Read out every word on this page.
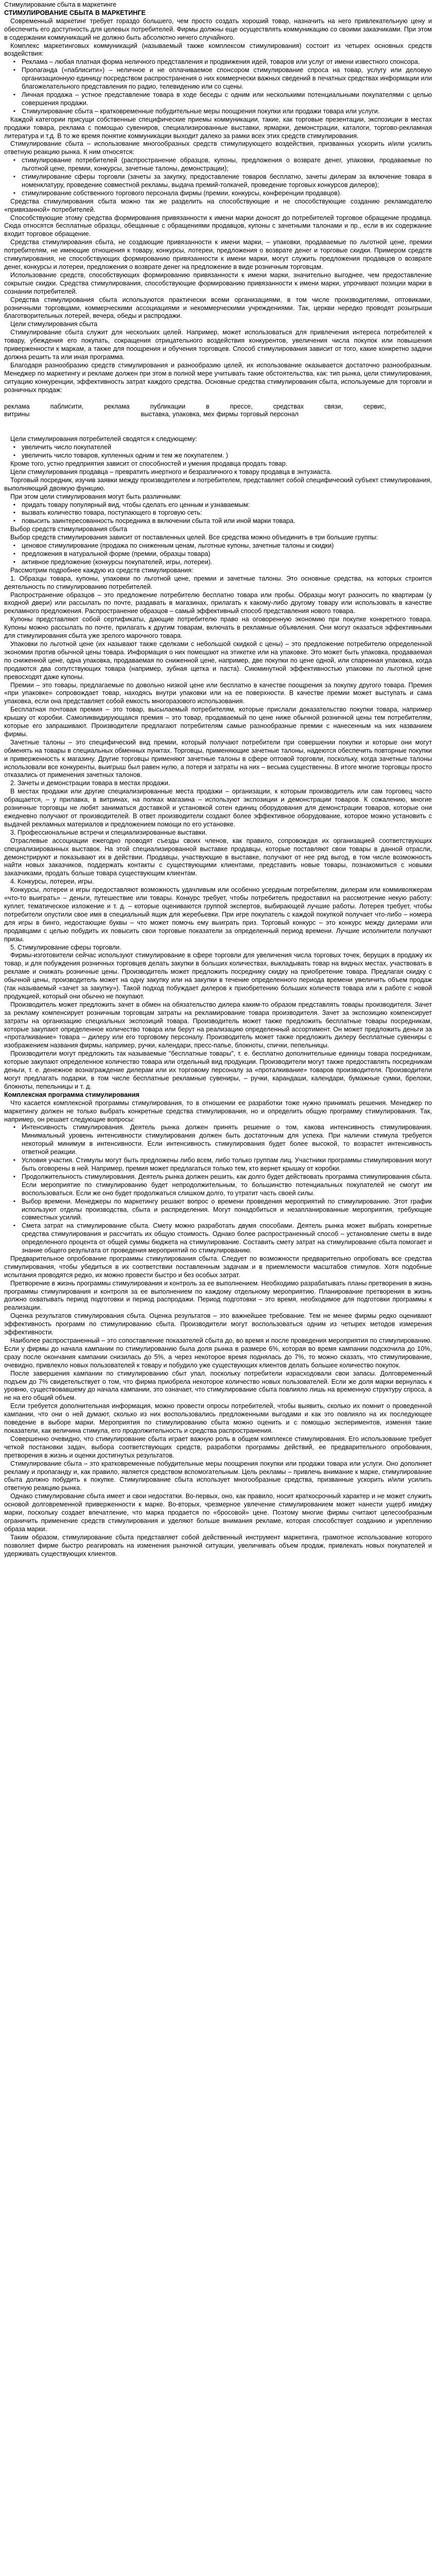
Стимулирование сбыта в маркетинге
СТИМУЛИРОВАНИЕ СБЫТА В МАРКЕТИНГЕ

Современный маркетинг требует гораздо большего, чем просто создать хороший товар, назначить на него привлекательную цену и обеспечить его доступность для целевых потребителей. Фирмы должны еще осуществлять коммуникацию со своими заказчиками. При этом в содержании коммуникаций не должно быть абсолютно ничего случайного.

Комплекс маркетинговых коммуникаций (называемый также комплексом стимулирования) состоит из четырех основных средств воздействия:

▪ Реклама – любая платная форма неличного представления и продвижения идей, товаров или услуг от имени известного спонсора.
▪ Пропаганда («паблисити») – неличное и не оплачиваемое спонсором стимулирование спроса на товар, услугу или деловую организационную единицу посредством распространения о них коммерчески важных сведений в печатных средствах информации или благожелательного представления по радио, телевидению или со сцены.
▪ Личная продажа – устное представление товара в ходе беседы с одним или несколькими потенциальными покупателями с целью совершения продажи.
▪ Стимулирование сбыта – кратковременные побудительные меры поощрения покупки или продажи товара или услуги.

Каждой категории присущи собственные специфические приемы коммуникации, такие, как торговые презентации, экспозиции в местах продажи товара, реклама с помощью сувениров, специализированные выставки, ярмарки, демонстрации, каталоги, торгово-рекламная литература и т.д. В то же время понятие коммуникации выходит далеко за рамки всех этих средств стимулирования.

Стимулирование сбыта – использование многообразных средств стимулирующего воздействия, призванных ускорить и/или усилить ответную реакцию рынка. К ним относятся:

▪ стимулирование потребителей (распространение образцов, купоны, предложения о возврате денег, упаковки, продаваемые по льготной цене, премии, конкурсы, зачетные талоны, демонстрации);
▪ стимулирование сферы торговли (зачеты за закупку, предоставление товаров бесплатно, зачеты дилерам за включение товара в номенклатуру, проведение совместной рекламы, выдача премий-толкачей, проведение торговых конкурсов дилеров);
▪ стимулирование собственного торгового персонала фирмы (премии, конкурсы, конференции продавцов).

Средства стимулирования сбыта можно так же разделить на способствующие и не способствующие созданию рекламодателю «привязанной» потребителей.

Способствующие этому средства формирования привязанности к имени марки доносят до потребителей торговое обращение продавца. Сюда относятся бесплатные образцы, обещанные с обращениями продавцов, купоны с зачетными талонами и пр., если в их содержание входит торговое обращение.

Средства стимулирования сбыта, не создающие привязанности к имени марки, – упаковки, продаваемые по льготной цене, премии потребителям, не имеющие отношения к товару, конкурсы, лотереи, предложения о возврате денег и торговые скидки. Примером средств стимулирования, не способствующих формированию привязанности к имени марки, могут служить предложения продавцов о возврате денег, конкурсы и лотереи, предложения о возврате денег на предложение в виде розничным торговцам.

Использование средств, способствующих формированию привязанности к имени марки, значительно выгоднее, чем предоставление сокрытые скидки. Средства стимулирования, способствующие формированию привязанности к имени марки, упрочивают позиции марки в сознании потребителей.

Средства стимулирования сбыта используются практически всеми организациями, в том числе производителями, оптовиками, розничными торговцами, коммерческими ассоциациями и некоммерческими учреждениями. Так, церкви нередко проводят розыгрыши благотворительных лотерей, вечера, обеды и распродажи.

Цели стимулирования сбыта

Стимулирование сбыта служит для нескольких целей. Например, может использоваться для привлечения интереса потребителей к товару, убеждения его покупать, сокращения отрицательного воздействия конкурентов, увеличения числа покупок или повышения приверженности к маркам, а также для поощрения и обучения торговцев. Способ стимулирования зависит от того, какие конкретно задачи должна решить та или иная программа.

Благодаря разнообразию средств стимулирования и разнообразию целей, их использование оказывается достаточно разнообразным. Менеджер по маркетингу и рекламе должен при этом в полной мере учитывать такие обстоятельства, как: тип рынка, цели стимулирования, ситуацию конкуренции, эффективность затрат каждого средства. Основные средства стимулирования сбыта, используемые для торговли и розничных продаж:

реклама          паблисити,          реклама          публикации          в          прессе,          средствах          связи,          сервис,

витрины                                                      выставка, упаковка, мех фирмы торговый персонал

Цели стимулирования потребителей сводятся к следующему:

▪ увеличить число покупателей
▪ увеличить число товаров, купленных одним и тем же покупателем. )

Кроме того, устно предприятия зависит от способностей и умения продавца продать товар.

Цели стимулирования продавца – превратить инертного и безразличного к товару продавца в энтузиаста.

Торговый посредник, изучив заявки между производителем и потребителем, представляет собой специфический субъект стимулирования, выполняющий двоякую функцию.

При этом цели стимулирования могут быть различными:

▪ придать товару популярный вид, чтобы сделать его ценным и узнаваемым:
▪ вызвать количество товара, поступающего в торговую сеть:
▪ повысить заинтересованность посредника в включении сбыта той или иной марки товара.

Выбор средств стимулирования сбыта

Выбор средств стимулирования зависит от поставленных целей. Все средства можно объединить в три большие группы:

▪ ценовое стимулирование (продажа по сниженным ценам, льготные купоны, зачетные талоны и скидки)
▪ предложения в натуральной форме (премии, образцы товара)
▪ активное предложение (конкурсы покупателей, игры, лотереи).

Рассмотрим подробнее каждую из средств стимулирования:

1. Образцы товара, купоны, упаковки по льготной цене, премии и зачетные талоны. Это основные средства, на которых строится деятельность по стимулированию потребителей.

Распространение образцов – это предложение потребителю бесплатно товара или пробы. Образцы могут разносить по квартирам (у входной двери) или рассылать по почте, раздавать в магазинах, прилагать к какому-либо другому товару или использовать в качестве рекламного предложения. Распространение образцов – самый эффективный способ представления нового товара.

Купоны представляют собой сертификаты, дающие потребителю право на оговоренную экономию при покупке конкретного товара. Купоны можно рассылать по почте, прилагать к другим товарам, включать в рекламные объявления. Они могут оказаться эффективными для стимулирования сбыта уже зрелого марочного товара.

Упаковки по льготной цене (их называют также сделками с небольшой скидкой с цены) – это предложение потребителю определенной экономии против обычной цены товара. Информация о них помещают на этикетке или на упаковке. Это может быть упаковка, продаваемая по сниженной цене, одна упаковка, продаваемая по сниженной цене, например, две покупки по цене одной, или спаренная упаковка, когда продаются два сопутствующих товара (например, зубная щетка и паста). Сиюминутной эффективностью упаковки по льготной цене превосходят даже купоны.

Премии – это товары, предлагаемые по довольно низкой цене или бесплатно в качестве поощрения за покупку другого товара. Премия «при упаковке» сопровождает товар, находясь внутри упаковки или на ее поверхности. В качестве премии может выступать и сама упаковка, если она представляет собой емкость многоразового использования.

Бесплатная почтовая премия – это товар, высылаемый потребителям, которые прислали доказательство покупки товара, например крышку от коробки. Самоликвидирующаяся премия – это товар, продаваемый по цене ниже обычной розничной цены тем потребителям, которые его запрашивают. Производители предлагают потребителям самые разнообразные премии с нанесенным на них названием фирмы.

Зачетные талоны – это специфический вид премии, который получают потребители при совершении покупки и которые они могут обменять на товары в специальных обменных пунктах. Торговцы, применяющие зачетные талоны, надеются обеспечить повторные покупки и приверженность к магазину. Другие торговцы применяют зачетные талоны в сфере оптовой торговли, поскольку, когда зачетные талоны использовали все конкуренты, выигрыш был равен нулю, а потеря и затраты на них – весьма существенны. В итоге многие торговцы просто отказались от применения зачетных талонов.

2. Зачеты и демонстрации товара в местах продажи.

В местах продажи или другие специализированные места продажи – организации, к которым производитель или сам торговец часто обращается, – у прилавка, в витринах, на полках магазина – используют экспозиции и демонстрации товаров. К сожалению, многие розничные торговцы не любят заниматься доставкой и установкой сотен единиц оборудования для демонстрации товаров, которые они ежедневно получают от производителей. В ответ производители создают более эффективное оборудование, которое можно установить с выдачей рекламных материалов и предложением помощи по его установке.

3. Профессиональные встречи и специализированные выставки.

Отраслевые ассоциации ежегодно проводят съезды своих членов, как правило, сопровождая их организацией соответствующих специализированных выставок. На этой специализированной выставке продавцы, которые поставляют свои товары в данной отрасли, демонстрируют и показывают их в действии. Продавцы, участвующие в выставке, получают от нее ряд выгод, в том числе возможность найти новых заказчиков, поддержать контакты с существующими клиентами, представить новые товары, познакомиться с новыми заказчиками, продать больше товара существующим клиентам.

4. Конкурсы, лотереи, игры.

Конкурсы, лотереи и игры предоставляют возможность удачливым или особенно усердным потребителям, дилерам или коммивояжерам «что-то выиграть» – деньги, путешествие или товары. Конкурс требует, чтобы потребитель предоставил на рассмотрение некую работу: куплет, тематическое изложение и т. д. – которые оцениваются группой экспертов, выбирающей лучшие работы. Лотерея требует, чтобы потребители опустили свое имя в специальный ящик для жеребьевки. При игре покупатель с каждой покупкой получает что-либо – номера для игры в бинго, недостающие буквы – что может помочь ему выиграть приз. Торговый конкурс – это конкурс между дилерами или продавцами с целью побудить их повысить свои торговые показатели за определенный период времени. Лучшие исполнители получают призы.

5. Стимулирование сферы торговли.

Фирмы-изготовители сейчас используют стимулирование в сфере торговли для увеличения числа торговых точек, берущих в продажу их товар, и для побуждения розничных торговцев делать закупки в больших количествах, выкладывать товар на видных местах, участвовать в рекламе и снижать розничные цены. Производитель может предложить посреднику скидку на приобретение товара. Предлагая скидку с обычной цены, производитель может на одну закупку или на закупки в течение определенного периода времени увеличить объем продаж (так называемый «зачет за закупку»). Такой подход побуждает дилеров к приобретению больших количеств товара или к работе с новой продукцией, который они обычно не покупают.

Производитель может предложить зачет в обмен на обязательство дилера каким-то образом представлять товары производителя. Зачет за рекламу компенсирует розничным торговцам затраты на рекламирование товара производителя. Зачет за экспозицию компенсирует затраты на организацию специальных экспозиций товара. Производитель может также предложить бесплатные товары посредникам, которые закупают определенное количество товара или берут на реализацию определенный ассортимент. Он может предложить деньги за «проталкивание» товара – дилеру или его торговому персоналу. Производитель может также предложить дилеру бесплатные сувениры с изображением названия фирмы, например, ручки, календари, пресс-папье, блокноты, спички, пепельницы.

Производители могут предложить так называемые "бесплатные товары", т. е. бесплатно дополнительные единицы товара посредникам, которые закупают определенное количество товара или отдельный вид продукции. Производители могут также предоставлять посредникам деньги, т. е. денежное вознаграждение дилерам или их торговому персоналу за «проталкивание» товаров производителя. Производители могут предлагать подарки, в том числе бесплатные рекламные сувениры, – ручки, карандаши, календари, бумажные сумки, брелоки, блокноты, пепельницы и т. д.

Комплексная программа стимулирования

Что касается комплексной программы стимулирования, то в отношении ее разработки тоже нужно принимать решения. Менеджер по маркетингу должен не только выбрать конкретные средства стимулирования, но и определить общую программу стимулирования. Так, например, он решает следующие вопросы:

▪ Интенсивность стимулирования. Деятель рынка должен принять решение о том, какова интенсивность стимулирования. Минимальный уровень интенсивности стимулирования должен быть достаточным для успеха. При наличии стимула требуется некоторый минимум в интенсивности. Если интенсивность стимулирования будет более высокой, то возрастет интенсивность ответной реакции.
▪ Условия участия. Стимулы могут быть предложены либо всем, либо только группам лиц. Участники программы стимулирования могут быть оговорены в ней. Например, премия может предлагаться только тем, кто вернет крышку от коробки.
▪ Продолжительность стимулирования. Деятель рынка должен решить, как долго будет действовать программа стимулирования сбыта. Если мероприятие по стимулированию будет непродолжительным, то большинство потенциальных покупателей не смогут им воспользоваться. Если же оно будет продолжаться слишком долго, то утратит часть своей силы.
▪ Выбор времени. Менеджеры по маркетингу решают вопрос о времени проведения мероприятий по стимулированию. Этот график используют отделы производства, сбыта и распределения. Могут понадобиться и незапланированные мероприятия, требующие совместных усилий.
▪ Смета затрат на стимулирование сбыта. Смету можно разработать двумя способами. Деятель рынка может выбрать конкретные средства стимулирования и рассчитать их общую стоимость. Однако более распространенный способ – установление сметы в виде определенного процента от общей суммы бюджета на стимулирование. Составить смету затрат на стимулирование сбыта помогает и знание общего результата от проведения мероприятий по стимулированию.

Предварительное опробование программы стимулирования сбыта. Следует по возможности предварительно опробовать все средства стимулирования, чтобы убедиться в их соответствии поставленным задачам и в приемлемости масштабов стимулов. Хотя подобные испытания проводятся редко, их можно провести быстро и без особых затрат.

Претворение в жизнь программы стимулирования и контроль за ее выполнением. Необходимо разрабатывать планы претворения в жизнь программы стимулирования и контроля за ее выполнением по каждому отдельному мероприятию. Планирование претворения в жизнь должно охватывать период подготовки и период распродажи. Период подготовки – это время, необходимое для подготовки программы к реализации.

Оценка результатов стимулирования сбыта. Оценка результатов – это важнейшее требование. Тем не менее фирмы редко оценивают эффективность программ по стимулированию сбыта. Производители могут воспользоваться одним из четырех методов измерения эффективности.

Наиболее распространенный – это сопоставление показателей сбыта до, во время и после проведения мероприятия по стимулированию. Если у фирмы до начала кампании по стимулированию была доля рынка в размере 6%, которая во время кампании подскочила до 10%, сразу после окончания кампании снизилась до 5%, а через некоторое время поднялась до 7%, то можно сказать, что стимулирование, очевидно, привлекло новых пользователей к товару и побудило уже существующих клиентов делать большее количество покупок.

После завершения кампании по стимулированию сбыт упал, поскольку потребители израсходовали свои запасы. Долговременный подъем до 7% свидетельствует о том, что фирма приобрела некоторое количество новых пользователей. Если же доля марки вернулась к уровню, существовавшему до начала кампании, это означает, что стимулирование сбыта повлияло лишь на временную структуру спроса, а не на его общий объем.

Если требуется дополнительная информация, можно провести опросы потребителей, чтобы выявить, сколько их помнит о проведенной кампании, что они о ней думают, сколько из них воспользовались предложенными выгодами и как это повлияло на их последующее поведение в выборе марки. Мероприятия по стимулированию сбыта можно оценить и с помощью экспериментов, изменяя такие показатели, как величина стимула, его продолжительность и средства распространения.

Совершенно очевидно, что стимулирование сбыта играет важную роль в общем комплексе стимулирования. Его использование требует четкой постановки задач, выбора соответствующих средств, разработки программы действий, ее предварительного опробования, претворения в жизнь и оценки достигнутых результатов.

Стимулирование сбыта – это кратковременные побудительные меры поощрения покупки или продажи товара или услуги. Оно дополняет рекламу и пропаганду и, как правило, является средством вспомогательным. Цель рекламы – привлечь внимание к марке, стимулирование сбыта должно побудить к покупке. Стимулирование сбыта использует многообразные средства, призванные ускорить и/или усилить ответную реакцию рынка.

Однако стимулирование сбыта имеет и свои недостатки. Во-первых, оно, как правило, носит краткосрочный характер и не может служить основой долговременной приверженности к марке. Во-вторых, чрезмерное увлечение стимулированием может нанести ущерб имиджу марки, поскольку создает впечатление, что марка продается по «бросовой» цене. Поэтому многие фирмы считают целесообразным ограничить применение средств стимулирования и уделяют больше внимания рекламе, которая способствует созданию и укреплению образа марки.

Таким образом, стимулирование сбыта представляет собой действенный инструмент маркетинга, грамотное использование которого позволяет фирме быстро реагировать на изменения рыночной ситуации, увеличивать объем продаж, привлекать новых покупателей и удерживать существующих клиентов.
